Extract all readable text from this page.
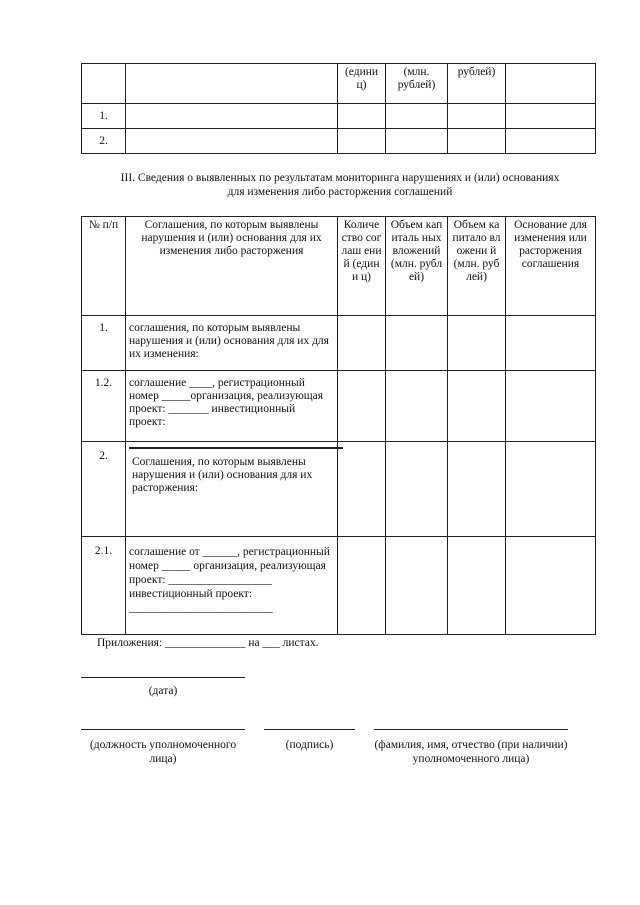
		(едини ц)	(млн. рублей)	рублей)	
1.					
2.					
III. Сведения о выявленных по результатам мониторинга нарушениях и (или) основаниях
для изменения либо расторжения соглашений
№ п/п	Соглашения, по которым выявлены нарушения и (или) основания для их изменения либо расторжения	Количе ство соглаш ений (едини ц)	Объем капиталь ных вложений (млн. рублей)	Объем капитало вложени й (млн. рублей)	Основание для изменения или расторжения соглашения
1.	соглашения, по которым выявлены нарушения и (или) основания для их для их изменения:				
1.2.	соглашение ____, регистрационный номер _____организация, реализующая проект: _______ инвестиционный проект:				
2.	Соглашения, по которым выявлены нарушения и (или) основания для их расторжения:				
2.1.	соглашение от ______, регистрационный номер _____ организация, реализующая проект: __________________ инвестиционный проект: _________________________				
Приложения: ______________ на ___ листах.
(дата)
(должность уполномоченного лица)
(подпись)	(фамилия, имя, отчество (при наличии) уполномоченного лица)
